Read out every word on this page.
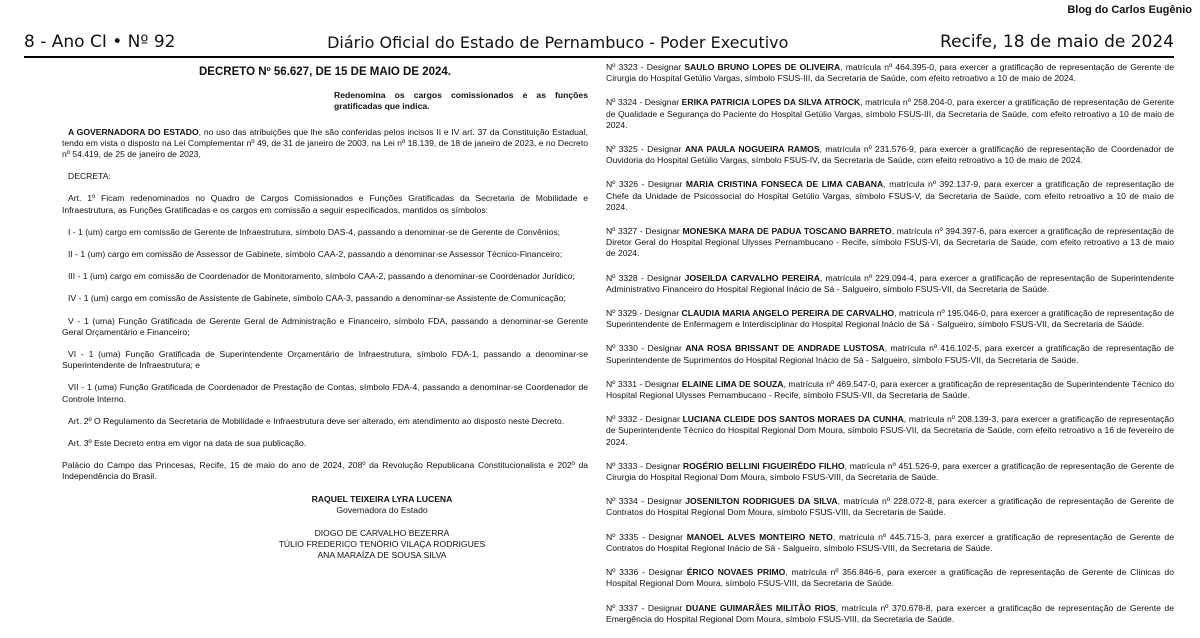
Blog do Carlos Eugênio
8 - Ano CI • Nº 92	Diário Oficial do Estado de Pernambuco - Poder Executivo	Recife, 18 de maio de 2024
DECRETO Nº 56.627, DE 15 DE MAIO DE 2024.
Redenomina os cargos comissionados e as funções gratificadas que indica.

A GOVERNADORA DO ESTADO, no uso das atribuições que lhe são conferidas pelos incisos II e IV art. 37 da Constituição Estadual, tendo em vista o disposto na Lei Complementar nº 49, de 31 de janeiro de 2003, na Lei nº 18.139, de 18 de janeiro de 2023, e no Decreto nº 54.419, de 25 de janeiro de 2023,

DECRETA:

Art. 1º Ficam redenominados no Quadro de Cargos Comissionados e Funções Gratificadas da Secretaria de Mobilidade e Infraestrutura, as Funções Gratificadas e os cargos em comissão a seguir especificados, mantidos os símbolos:

I - 1 (um) cargo em comissão de Gerente de Infraestrutura, símbolo DAS-4, passando a denominar-se de Gerente de Convênios;

II - 1 (um) cargo em comissão de Assessor de Gabinete, símbolo CAA-2, passando a denominar-se Assessor Técnico-Financeiro;

III - 1 (um) cargo em comissão de Coordenador de Monitoramento, símbolo CAA-2, passando a denominar-se Coordenador Jurídico;

IV - 1 (um) cargo em comissão de Assistente de Gabinete, símbolo CAA-3, passando a denominar-se Assistente de Comunicação;

V - 1 (uma) Função Gratificada de Gerente Geral de Administração e Financeiro, símbolo FDA, passando a denominar-se Gerente Geral Orçamentário e Financeiro;

VI - 1 (uma) Função Gratificada de Superintendente Orçamentário de Infraestrutura, símbolo FDA-1, passando a denominar-se Superintendente de Infraestrutura; e

VII - 1 (uma) Função Gratificada de Coordenador de Prestação de Contas, símbolo FDA-4, passando a denominar-se Coordenador de Controle Interno.

Art. 2º O Regulamento da Secretaria de Mobilidade e Infraestrutura deve ser alterado, em atendimento ao disposto neste Decreto.

Art. 3º Este Decreto entra em vigor na data de sua publicação.

Palácio do Campo das Princesas, Recife, 15 de maio do ano de 2024, 208º da Revolução Republicana Constitucionalista e 202º da Independência do Brasil.

RAQUEL TEIXEIRA LYRA LUCENA
Governadora do Estado
DIOGO DE CARVALHO BEZERRA
TÚLIO FREDERICO TENÓRIO VILAÇA RODRIGUES
ANA MARAÍZA DE SOUSA SILVA

Nº 3323 - Designar SAULO BRUNO LOPES DE OLIVEIRA, matrícula nº 464.395-0, para exercer a gratificação de representação de Gerente de Cirurgia do Hospital Getúlio Vargas, símbolo FSUS-III, da Secretaria de Saúde, com efeito retroativo a 10 de maio de 2024.

Nº 3324 - Designar ERIKA PATRICIA LOPES DA SILVA ATROCK, matrícula nº 258.204-0, para exercer a gratificação de representação de Gerente de Qualidade e Segurança do Paciente do Hospital Getúlio Vargas, símbolo FSUS-III, da Secretaria de Saúde, com efeito retroativo a 10 de maio de 2024.

Nº 3325 - Designar ANA PAULA NOGUEIRA RAMOS, matrícula nº 231.576-9, para exercer a gratificação de representação de Coordenador de Ouvidoria do Hospital Getúlio Vargas, símbolo FSUS-IV, da Secretaria de Saúde, com efeito retroativo a 10 de maio de 2024.

Nº 3326 - Designar MARIA CRISTINA FONSECA DE LIMA CABANA, matrícula nº 392.137-9, para exercer a gratificação de representação de Chefe da Unidade de Psicossocial do Hospital Getúlio Vargas, símbolo FSUS-V, da Secretaria de Saúde, com efeito retroativo a 10 de maio de 2024.

Nº 3327 - Designar MONESKA MARA DE PADUA TOSCANO BARRETO, matrícula nº 394.397-6, para exercer a gratificação de representação de Diretor Geral do Hospital Regional Ulysses Pernambucano - Recife, símbolo FSUS-VI, da Secretaria de Saúde, com efeito retroativo a 13 de maio de 2024.

Nº 3328 - Designar JOSEILDA CARVALHO PEREIRA, matrícula nº 229.094-4, para exercer a gratificação de representação de Superintendente Administrativo Financeiro do Hospital Regional Inácio de Sá - Salgueiro, símbolo FSUS-VII, da Secretaria de Saúde.

Nº 3329 - Designar CLAUDIA MARIA ANGELO PEREIRA DE CARVALHO, matrícula nº 195.046-0, para exercer a gratificação de representação de Superintendente de Enfermagem e Interdisciplinar do Hospital Regional Inácio de Sá - Salgueiro, símbolo FSUS-VII, da Secretaria de Saúde.

Nº 3330 - Designar ANA ROSA BRISSANT DE ANDRADE LUSTOSA, matrícula nº 416.102-5, para exercer a gratificação de representação de Superintendente de Suprimentos do Hospital Regional Inácio de Sá - Salgueiro, símbolo FSUS-VII, da Secretaria de Saúde.

Nº 3331 - Designar ELAINE LIMA DE SOUZA, matrícula nº 469.547-0, para exercer a gratificação de representação de Superintendente Técnico do Hospital Regional Ulysses Pernambucano - Recife, símbolo FSUS-VII, da Secretaria de Saúde.

Nº 3332 - Designar LUCIANA CLEIDE DOS SANTOS MORAES DA CUNHA, matrícula nº 208.139-3, para exercer a gratificação de representação de Superintendente Técnico do Hospital Regional Dom Moura, símbolo FSUS-VII, da Secretaria de Saúde, com efeito retroativo a 16 de fevereiro de 2024.

Nº 3333 - Designar ROGÉRIO BELLINI FIGUEIRÊDO FILHO, matrícula nº 451.526-9, para exercer a gratificação de representação de Gerente de Cirurgia do Hospital Regional Dom Moura, símbolo FSUS-VIII, da Secretaria de Saúde.

Nº 3334 - Designar JOSENILTON RODRIGUES DA SILVA, matrícula nº 228.072-8, para exercer a gratificação de representação de Gerente de Contratos do Hospital Regional Dom Moura, símbolo FSUS-VIII, da Secretaria de Saúde.

Nº 3335 - Designar MANOEL ALVES MONTEIRO NETO, matrícula nº 445.715-3, para exercer a gratificação de representação de Gerente de Contratos do Hospital Regional Inácio de Sá - Salgueiro, símbolo FSUS-VIII, da Secretaria de Saúde.

Nº 3336 - Designar ÉRICO NOVAES PRIMO, matrícula nº 356.846-6, para exercer a gratificação de representação de Gerente de Clínicas do Hospital Regional Dom Moura, símbolo FSUS-VIII, da Secretaria de Saúde.

Nº 3337 - Designar DUANE GUIMARÃES MILITÃO RIOS, matrícula nº 370.678-8, para exercer a gratificação de representação de Gerente de Emergência do Hospital Regional Dom Moura, símbolo FSUS-VIII, da Secretaria de Saúde.
